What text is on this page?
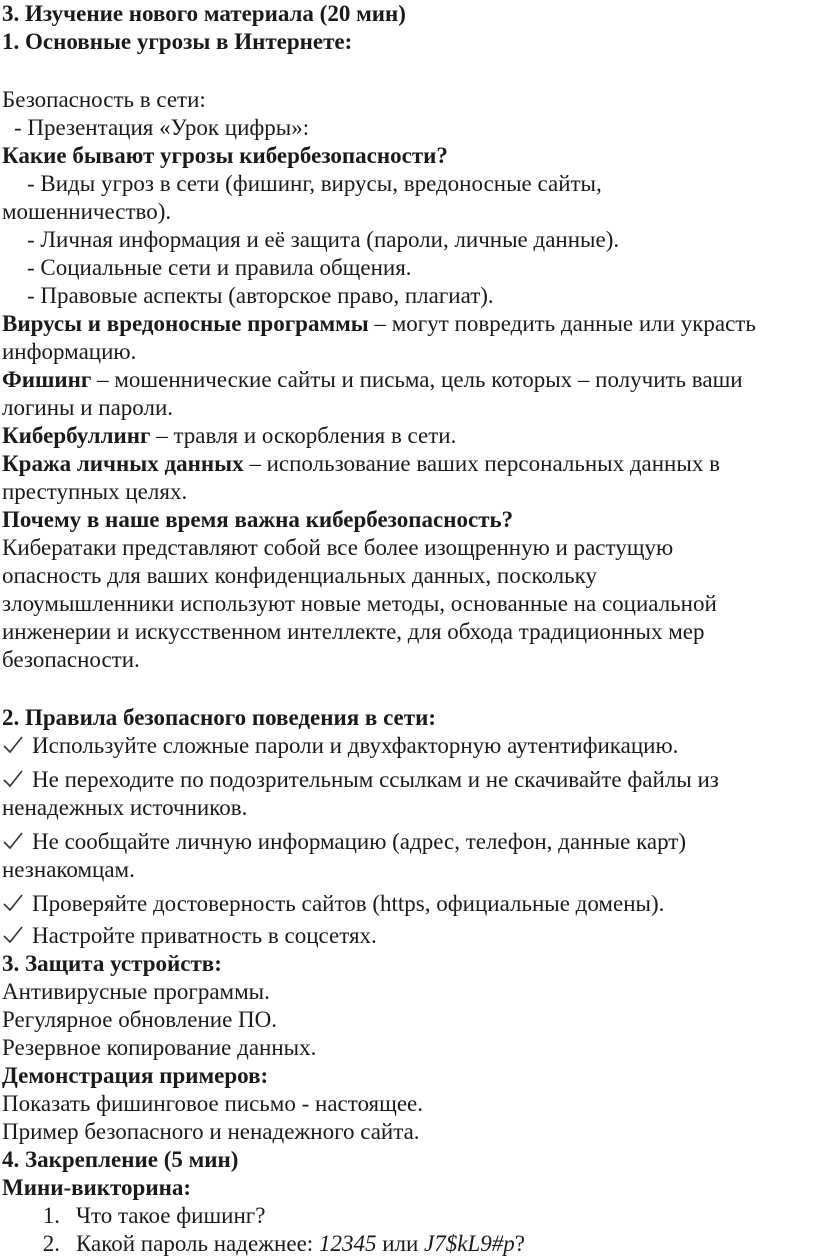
3. Изучение нового материала (20 мин)
1. Основные угрозы в Интернете:
Безопасность в сети:
- Презентация «Урок цифры»:
Какие бывают угрозы кибербезопасности?
- Виды угроз в сети (фишинг, вирусы, вредоносные сайты,
мошенничество).
- Личная информация и её защита (пароли, личные данные).
- Социальные сети и правила общения.
- Правовые аспекты (авторское право, плагиат).
Вирусы и вредоносные программы – могут повредить данные или украсть
информацию.
Фишинг – мошеннические сайты и письма, цель которых – получить ваши
логины и пароли.
Кибербуллинг – травля и оскорбления в сети.
Кража личных данных – использование ваших персональных данных в
преступных целях.
Почему в наше время важна кибербезопасность?
Кибератаки представляют собой все более изощренную и растущую
опасность для ваших конфиденциальных данных, поскольку
злоумышленники используют новые методы, основанные на социальной
инженерии и искусственном интеллекте, для обхода традиционных мер
безопасности.
2. Правила безопасного поведения в сети:
Используйте сложные пароли и двухфакторную аутентификацию.
Не переходите по подозрительным ссылкам и не скачивайте файлы из
ненадежных источников.
Не сообщайте личную информацию (адрес, телефон, данные карт)
незнакомцам.
Проверяйте достоверность сайтов (https, официальные домены).
Настройте приватность в соцсетях.
3. Защита устройств:
Антивирусные программы.
Регулярное обновление ПО.
Резервное копирование данных.
Демонстрация примеров:
Показать фишинговое письмо - настоящее.
Пример безопасного и ненадежного сайта.
4. Закрепление (5 мин)
Мини-викторина:
1. Что такое фишинг?
2. Какой пароль надежнее: 12345 или J7$kL9#p?
